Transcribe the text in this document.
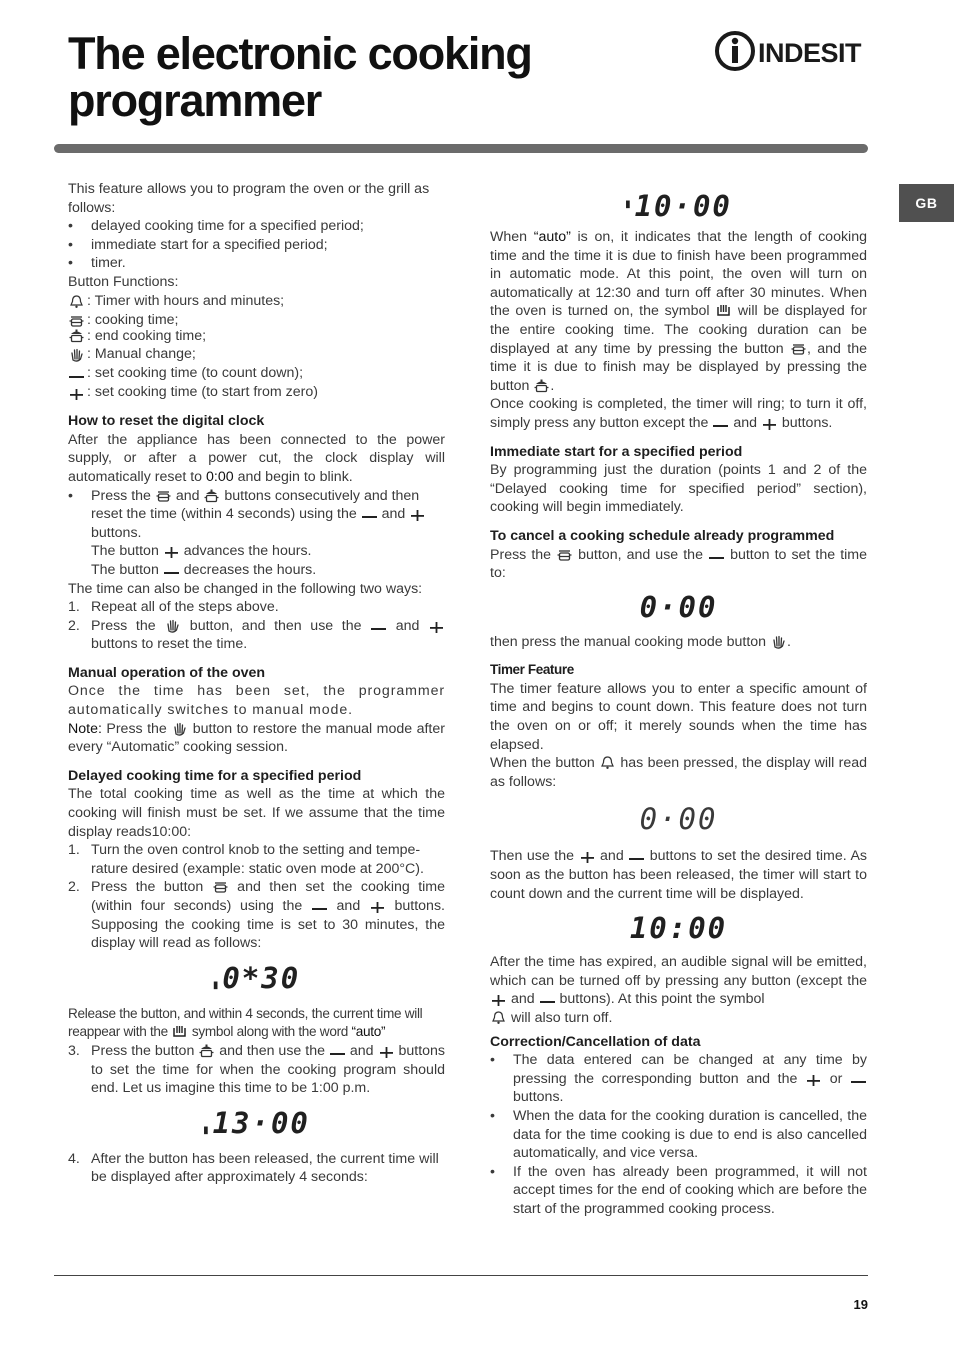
The electronic cooking programmer
INDESIT
GB

This feature allows you to program the oven or the grill as follows:

•	delayed cooking time for a specified period;
•	immediate start for a specified period;
•	timer.

Button Functions:

: Timer with hours and minutes;
: cooking time;
: end cooking time;
: Manual change;
: set cooking time (to count down);
: set cooking time (to start from zero)
How to reset the digital clock

After the appliance has been connected to the power supply, or after a power cut, the clock display will automatically reset to 0:00 and begin to blink.

•	Press the
and
buttons consecutively and then reset the time (within 4 seconds) using the
and
buttons.
The button
advances the hours.
The button
decreases the hours.

The time can also be changed in the following two ways:

1. Repeat all of the steps above.
2. Press the
button, and then use the
and
buttons to reset the time.
Manual operation of the oven

Once the time has been set, the programmer automatically switches to manual mode.

Note: Press the
button to restore the manual mode after every “Automatic” cooking session.

Delayed cooking time for a specified period

The total cooking time as well as the time at which the cooking will finish must be set. If we assume that the time display reads10:00:

1. Turn the oven control knob to the setting and tempe-rature desired (example: static oven mode at 200°C).
2. Press the button
and then set the cooking time (within four seconds) using the
and
buttons. Supposing the cooking time is set to 30 minutes, the display will read as follows:
▮ 0*30

Release the button, and within 4 seconds, the current time will reappear with the
symbol along with the word “auto”

3. Press the button
and then use the
and
buttons to set the time for when the cooking program should end. Let us imagine this time to be 1:00 p.m.
▮ 13·00
4. After the button has been released, the current time will be displayed after approximately 4 seconds:
▮ 10·00

When “auto” is on, it indicates that the length of cooking time and the time it is due to finish have been programmed in automatic mode. At this point, the oven will turn on automatically at 12:30 and turn off after 30 minutes. When the oven is turned on, the symbol
will be displayed for the entire cooking time. The cooking duration can be displayed at any time by pressing the button
, and the time it is due to finish may be displayed by pressing the button
.

Once cooking is completed, the timer will ring; to turn it off, simply press any button except the
and
buttons.

Immediate start for a specified period

By programming just the duration (points 1 and 2 of the “Delayed cooking time for specified period” section), cooking will begin immediately.

To cancel a cooking schedule already programmed

Press the
button, and use the
button to set the time to:

0·00

then press the manual cooking mode button
.

Timer Feature

The timer feature allows you to enter a specific amount of time and begins to count down. This feature does not turn the oven on or off; it merely sounds when the time has elapsed.

When the button
has been pressed, the display will read as follows:

0·00

Then use the
and
buttons to set the desired time. As soon as the button has been released, the timer will start to count down and the current time will be displayed.

10:00

After the time has expired, an audible signal will be emitted, which can be turned off by pressing any button (except the
and
buttons). At this point the symbol

will also turn off.

Correction/Cancellation of data
•	The data entered can be changed at any time by pressing the corresponding button and the
or
buttons.
•	When the data for the cooking duration is cancelled, the data for the time cooking is due to end is also cancelled automatically, and vice versa.
•	If the oven has already been programmed, it will not accept times for the end of cooking which are before the start of the programmed cooking process.
19
